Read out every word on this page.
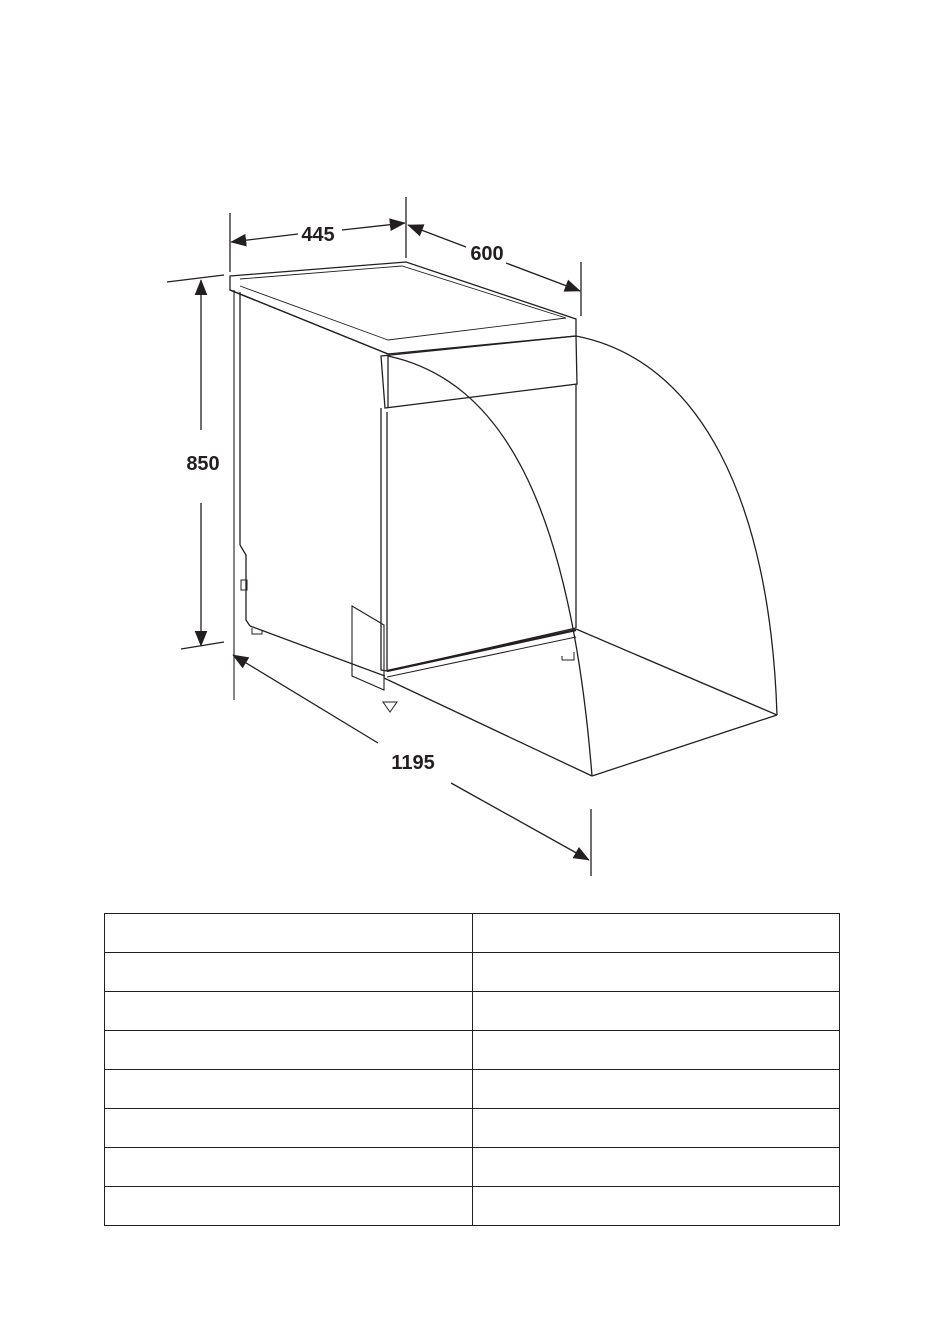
445
600
850
1195
